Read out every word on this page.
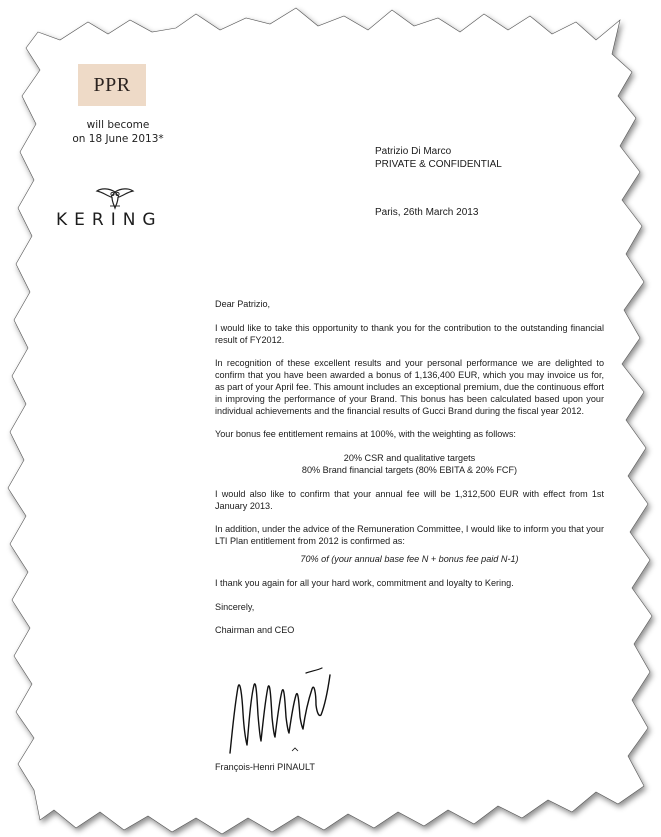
PPR
will become
on 18 June 2013*
KERING
Patrizio Di Marco
PRIVATE & CONFIDENTIAL
Paris, 26th March 2013

Dear Patrizio,

I would like to take this opportunity to thank you for the contribution to the outstanding financial result of FY2012.

In recognition of these excellent results and your personal performance we are delighted to confirm that you have been awarded a bonus of 1,136,400 EUR, which you may invoice us for, as part of your April fee. This amount includes an exceptional premium, due the continuous effort in improving the performance of your Brand. This bonus has been calculated based upon your individual achievements and the financial results of Gucci Brand during the fiscal year 2012.

Your bonus fee entitlement remains at 100%, with the weighting as follows:

20% CSR and qualitative targets
80% Brand financial targets (80% EBITA & 20% FCF)

I would also like to confirm that your annual fee will be 1,312,500 EUR with effect from 1st January 2013.

In addition, under the advice of the Remuneration Committee, I would like to inform you that your LTI Plan entitlement from 2012 is confirmed as:

70% of (your annual base fee N + bonus fee paid N-1)

I thank you again for all your hard work, commitment and loyalty to Kering.

Sincerely,

Chairman and CEO

François-Henri PINAULT
